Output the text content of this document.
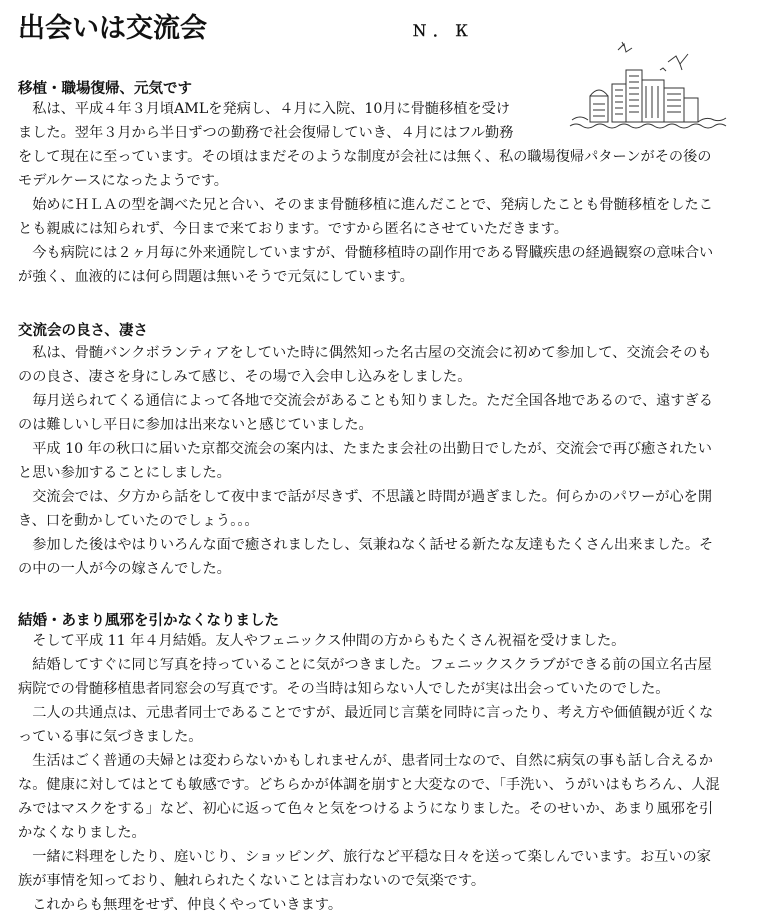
出会いは交流会	Ｎ．Ｋ
移植・職場復帰、元気です
　私は、平成４年３月頃AMLを発病し、４月に入院、10月に骨髄移植を受け
ました。翌年３月から半日ずつの勤務で社会復帰していき、４月にはフル勤務
をして現在に至っています。その頃はまだそのような制度が会社には無く、私の職場復帰パターンがその後の
モデルケースになったようです。
　始めにＨＬＡの型を調べた兄と合い、そのまま骨髄移植に進んだことで、発病したことも骨髄移植をしたこ
とも親戚には知られず、今日まで来ております。ですから匿名にさせていただきます。
　今も病院には２ヶ月毎に外来通院していますが、骨髄移植時の副作用である腎臓疾患の経過観察の意味合い
が強く、血液的には何ら問題は無いそうで元気にしています。
交流会の良さ、凄さ
　私は、骨髄バンクボランティアをしていた時に偶然知った名古屋の交流会に初めて参加して、交流会そのも
のの良さ、凄さを身にしみて感じ、その場で入会申し込みをしました。
　毎月送られてくる通信によって各地で交流会があることも知りました。ただ全国各地であるので、遠すぎる
のは難しいし平日に参加は出来ないと感じていました。
　平成 10 年の秋口に届いた京都交流会の案内は、たまたま会社の出勤日でしたが、交流会で再び癒されたい
と思い参加することにしました。
　交流会では、夕方から話をして夜中まで話が尽きず、不思議と時間が過ぎました。何らかのパワーが心を開
き、口を動かしていたのでしょう。。。
　参加した後はやはりいろんな面で癒されましたし、気兼ねなく話せる新たな友達もたくさん出来ました。そ
の中の一人が今の嫁さんでした。
結婚・あまり風邪を引かなくなりました
　そして平成 11 年４月結婚。友人やフェニックス仲間の方からもたくさん祝福を受けました。
　結婚してすぐに同じ写真を持っていることに気がつきました。フェニックスクラブができる前の国立名古屋
病院での骨髄移植患者同窓会の写真です。その当時は知らない人でしたが実は出会っていたのでした。
　二人の共通点は、元患者同士であることですが、最近同じ言葉を同時に言ったり、考え方や価値観が近くな
っている事に気づきました。
　生活はごく普通の夫婦とは変わらないかもしれませんが、患者同士なので、自然に病気の事も話し合えるか
な。健康に対してはとても敏感です。どちらかが体調を崩すと大変なので、「手洗い、うがいはもちろん、人混
みではマスクをする」など、初心に返って色々と気をつけるようになりました。そのせいか、あまり風邪を引
かなくなりました。
　一緒に料理をしたり、庭いじり、ショッピング、旅行など平穏な日々を送って楽しんでいます。お互いの家
族が事情を知っており、触れられたくないことは言わないので気楽です。
　これからも無理をせず、仲良くやっていきます。
